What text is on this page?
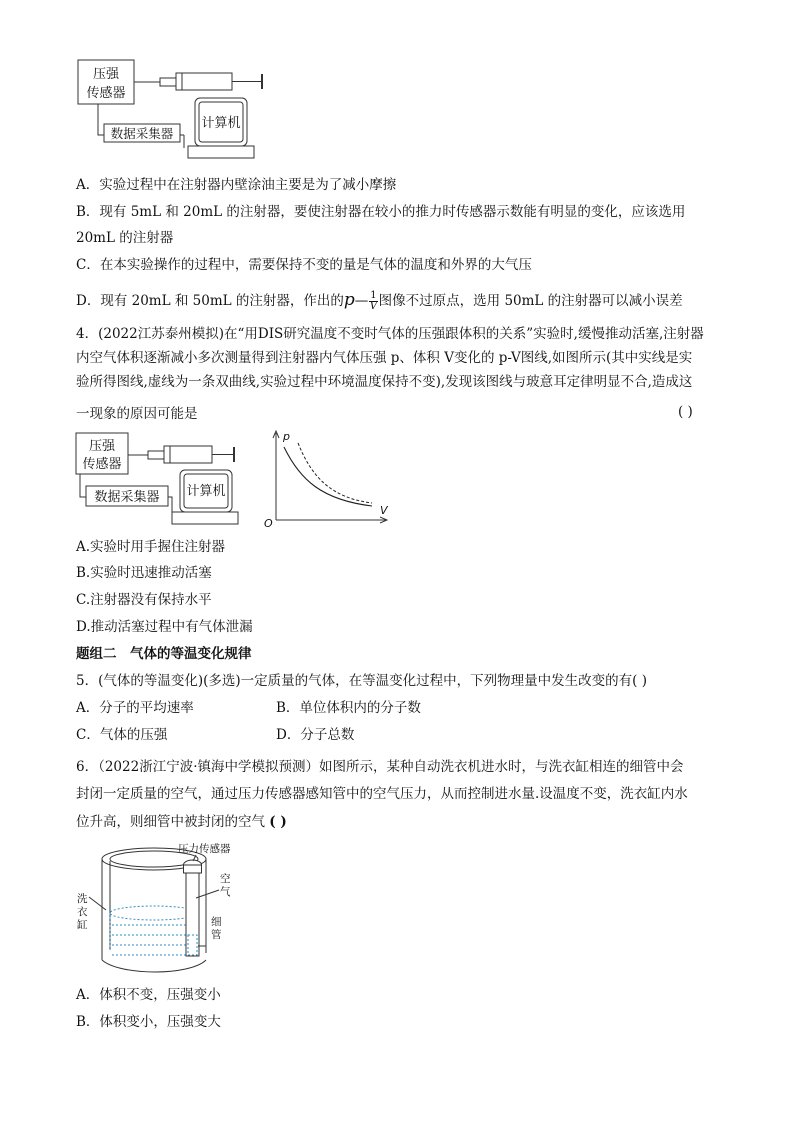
压强
传感器
数据采集器
计算机
A．实验过程中在注射器内壁涂油主要是为了减小摩擦
B．现有 5mL 和 20mL 的注射器，要使注射器在较小的推力时传感器示数能有明显的变化，应该选用
20mL 的注射器
C．在本实验操作的过程中，需要保持不变的量是气体的温度和外界的大气压
D．现有 20mL 和 50mL 的注射器，作出的p— $\frac{1}{V}$ 图像不过原点，选用 50mL 的注射器可以减小误差
4．(2022江苏泰州模拟)在“用DIS研究温度不变时气体的压强跟体积的关系”实验时,缓慢推动活塞,注射器
内空气体积逐渐减小多次测量得到注射器内气体压强 p、体积 V变化的 p-V图线,如图所示(其中实线是实
验所得图线,虚线为一条双曲线,实验过程中环境温度保持不变),发现该图线与玻意耳定律明显不合,造成这
一现象的原因可能是	( )
压强
传感器
数据采集器 计算机
p
V
O
A.实验时用手握住注射器
B.实验时迅速推动活塞
C.注射器没有保持水平
D.推动活塞过程中有气体泄漏
题组二　气体的等温变化规律
5．(气体的等温变化)(多选)一定质量的气体，在等温变化过程中，下列物理量中发生改变的有( )
A．分子的平均速率	B．单位体积内的分子数
C．气体的压强	D．分子总数
6．（2022浙江宁波·镇海中学模拟预测）如图所示，某种自动洗衣机进水时，与洗衣缸相连的细管中会
封闭一定质量的空气，通过压力传感器感知管中的空气压力，从而控制进水量.设温度不变，洗衣缸内水
位升高，则细管中被封闭的空气 ( )
压力传感器
洗
衣
缸
空
气
细
管
A．体积不变，压强变小
B．体积变小，压强变大
